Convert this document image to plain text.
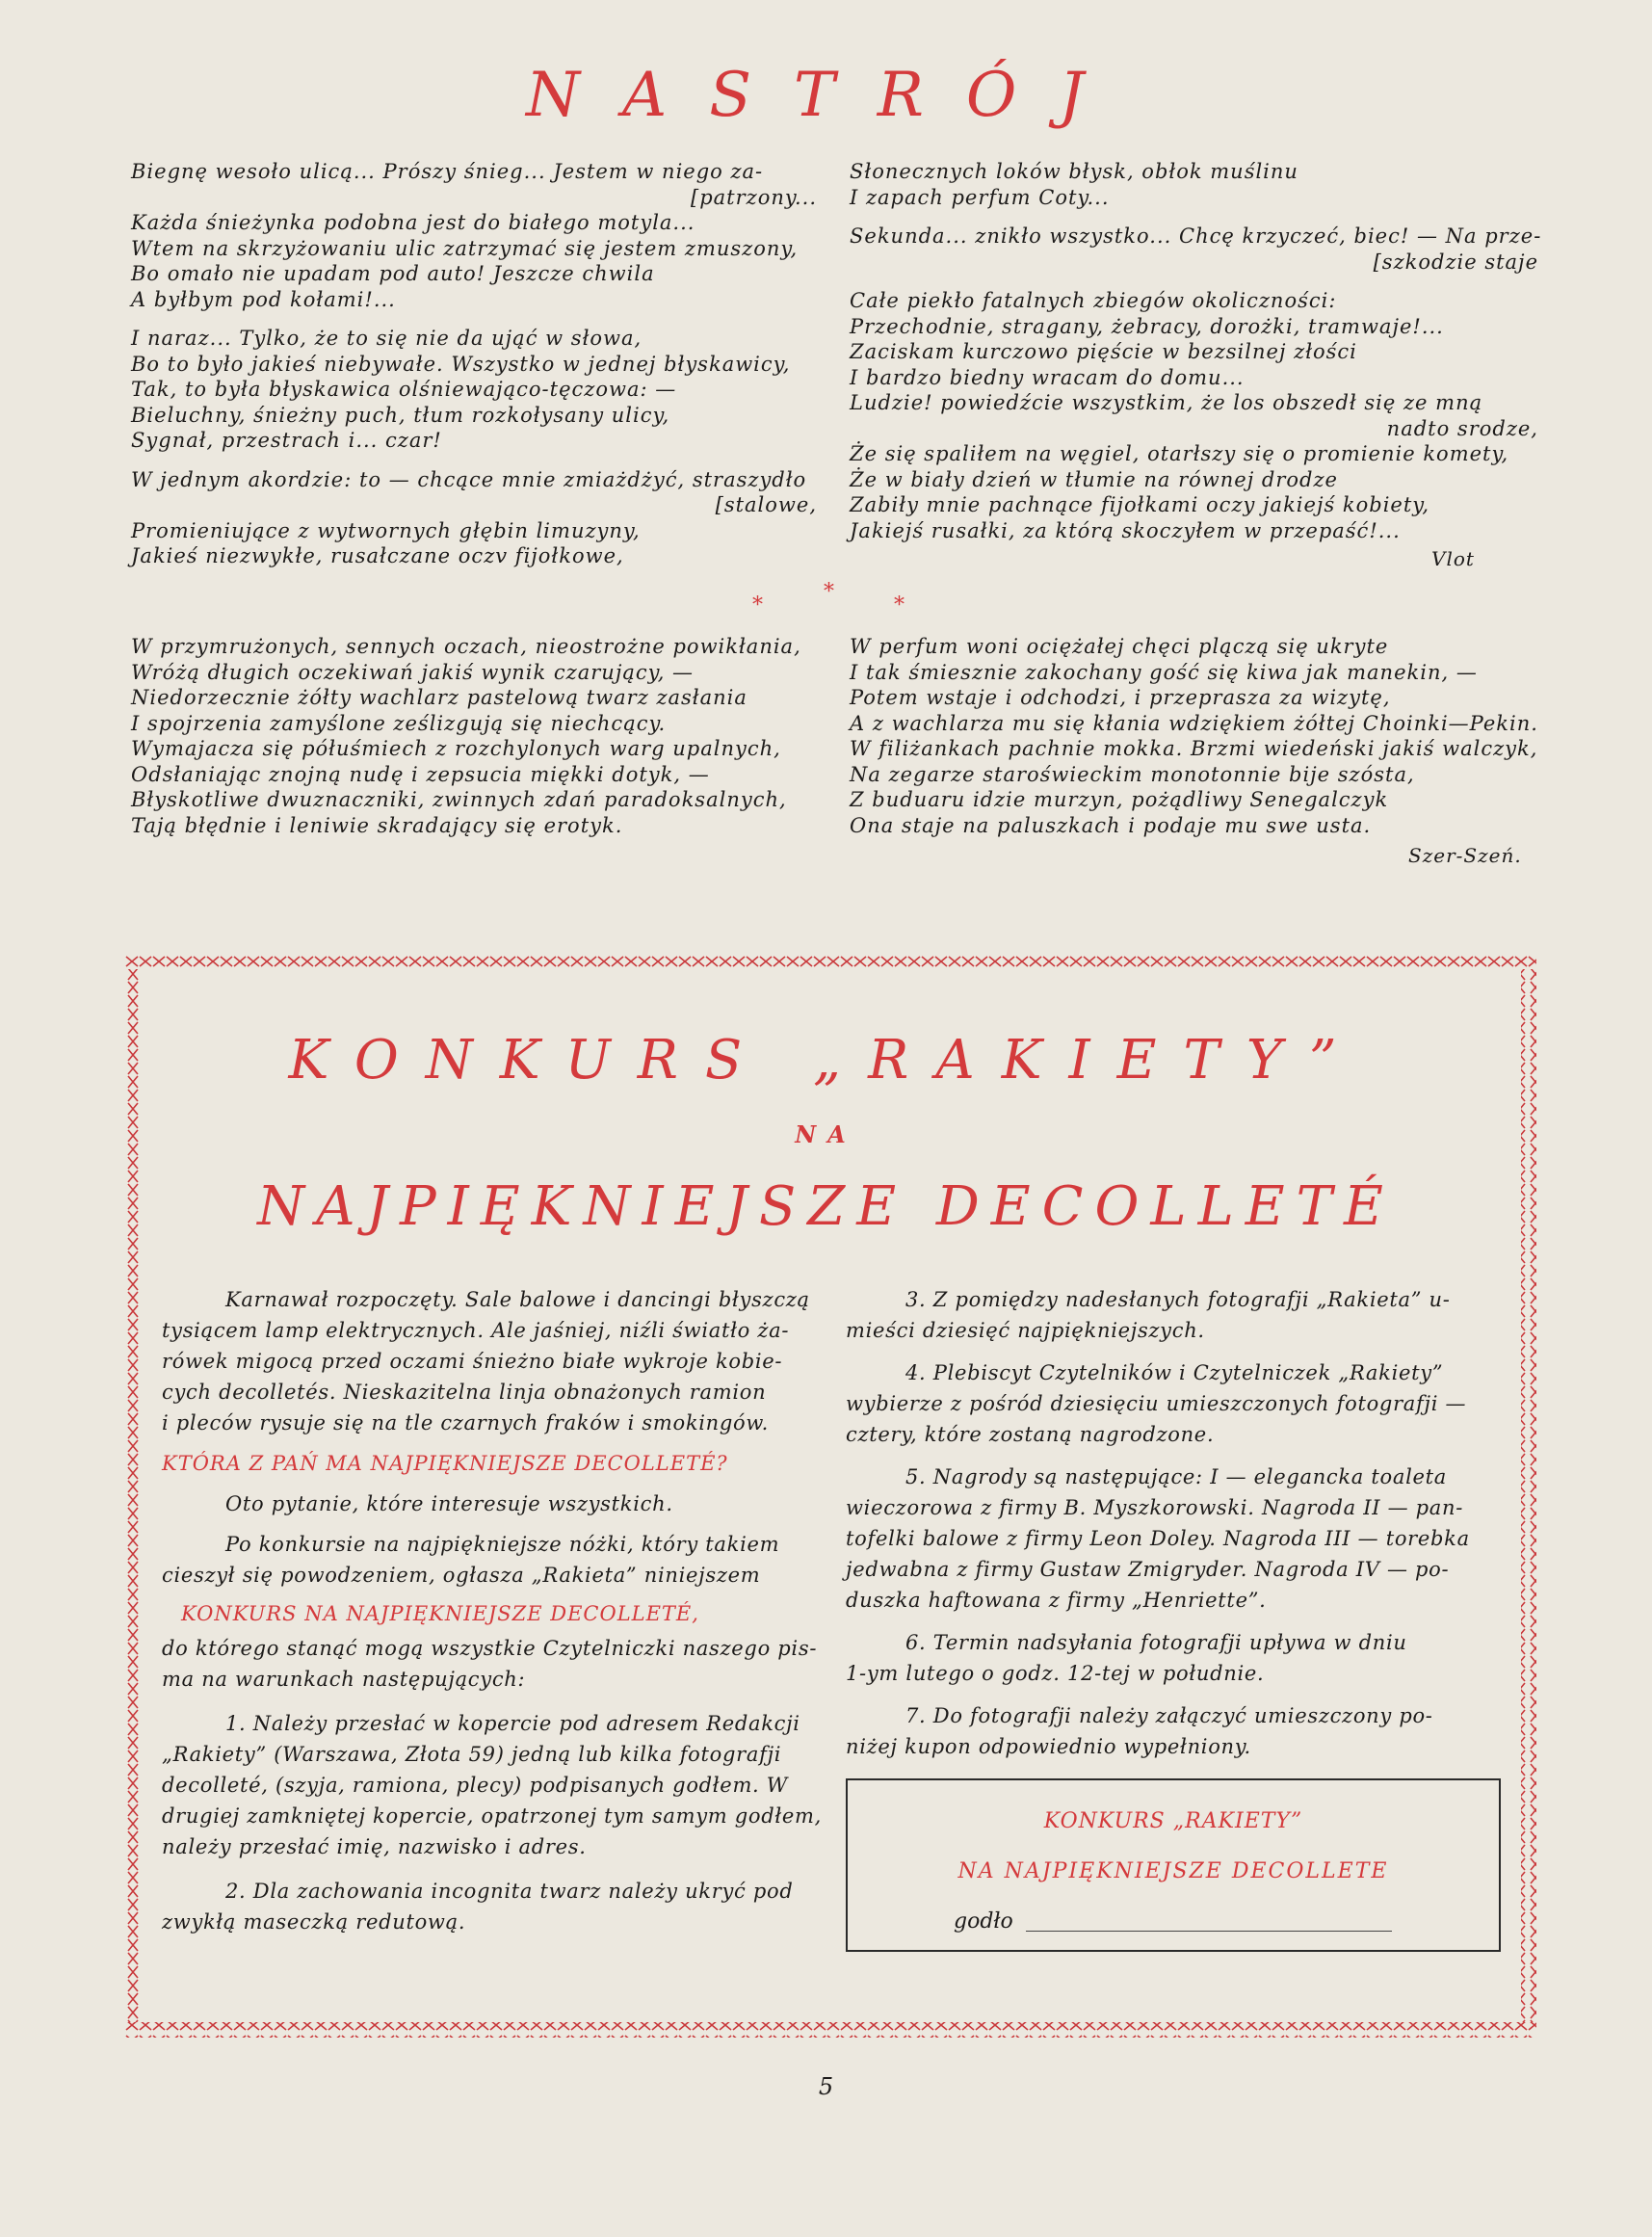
NASTRÓJ

Biegnę wesoło ulicą... Prószy śnieg... Jestem w niego za-
[patrzony...
Każda śnieżynka podobna jest do białego motyla...
Wtem na skrzyżowaniu ulic zatrzymać się jestem zmuszony,
Bo omało nie upadam pod auto! Jeszcze chwila
A byłbym pod kołami!...

I naraz... Tylko, że to się nie da ująć w słowa,
Bo to było jakieś niebywałe. Wszystko w jednej błyskawicy,
Tak, to była błyskawica olśniewająco-tęczowa: —
Bieluchny, śnieżny puch, tłum rozkołysany ulicy,
Sygnał, przestrach i... czar!

W jednym akordzie: to — chcące mnie zmiażdżyć, straszydło
[stalowe,
Promieniujące z wytwornych głębin limuzyny,
Jakieś niezwykłe, rusałczane oczv fijołkowe,

Słonecznych loków błysk, obłok muślinu
I zapach perfum Coty...

Sekunda... znikło wszystko... Chcę krzyczeć, biec! — Na prze-
[szkodzie staje

Całe piekło fatalnych zbiegów okoliczności:
Przechodnie, stragany, żebracy, dorożki, tramwaje!...
Zaciskam kurczowo pięście w bezsilnej złości
I bardzo biedny wracam do domu...
Ludzie! powiedźcie wszystkim, że los obszedł się ze mną
nadto srodze,
Że się spaliłem na węgiel, otarłszy się o promienie komety,
Że w biały dzień w tłumie na równej drodze
Zabiły mnie pachnące fijołkami oczy jakiejś kobiety,
Jakiejś rusałki, za którą skoczyłem w przepaść!...

Vlot
*
*
*
W przymrużonych, sennych oczach, nieostrożne powikłania,
Wróżą długich oczekiwań jakiś wynik czarujący, —
Niedorzecznie żółty wachlarz pastelową twarz zasłania
I spojrzenia zamyślone ześlizgują się niechcący.
Wymajacza się półuśmiech z rozchylonych warg upalnych,
Odsłaniając znojną nudę i zepsucia miękki dotyk, —
Błyskotliwe dwuznaczniki, zwinnych zdań paradoksalnych,
Tają błędnie i leniwie skradający się erotyk.
W perfum woni ociężałej chęci plączą się ukryte
I tak śmiesznie zakochany gość się kiwa jak manekin, —
Potem wstaje i odchodzi, i przeprasza za wizytę,
A z wachlarza mu się kłania wdziękiem żółtej Choinki—Pekin.
W filiżankach pachnie mokka. Brzmi wiedeński jakiś walczyk,
Na zegarze staroświeckim monotonnie bije szósta,
Z buduaru idzie murzyn, pożądliwy Senegalczyk
Ona staje na paluszkach i podaje mu swe usta.
Szer-Szeń.
KONKURS „RAKIETY”
NA
NAJPIĘKNIEJSZE DECOLLETÉ
Karnawał rozpoczęty. Sale balowe i dancingi błyszczą
tysiącem lamp elektrycznych. Ale jaśniej, niźli światło ża-
rówek migocą przed oczami śnieżno białe wykroje kobie-
cych decolletés. Nieskazitelna linja obnażonych ramion
i pleców rysuje się na tle czarnych fraków i smokingów.
KTÓRA Z PAŃ MA NAJPIĘKNIEJSZE DECOLLETÉ?
Oto pytanie, które interesuje wszystkich.
Po konkursie na najpiękniejsze nóżki, który takiem
cieszył się powodzeniem, ogłasza „Rakieta” niniejszem
KONKURS NA NAJPIĘKNIEJSZE DECOLLETÉ,
do którego stanąć mogą wszystkie Czytelniczki naszego pis-
ma na warunkach następujących:
1. Należy przesłać w kopercie pod adresem Redakcji
„Rakiety” (Warszawa, Złota 59) jedną lub kilka fotografji
decolleté, (szyja, ramiona, plecy) podpisanych godłem. W
drugiej zamkniętej kopercie, opatrzonej tym samym godłem,
należy przesłać imię, nazwisko i adres.
2. Dla zachowania incognita twarz należy ukryć pod
zwykłą maseczką redutową.
3. Z pomiędzy nadesłanych fotografji „Rakieta” u-
mieści dziesięć najpiękniejszych.
4. Plebiscyt Czytelników i Czytelniczek „Rakiety”
wybierze z pośród dziesięciu umieszczonych fotografji —
cztery, które zostaną nagrodzone.
5. Nagrody są następujące: I — elegancka toaleta
wieczorowa z firmy B. Myszkorowski. Nagroda II — pan-
tofelki balowe z firmy Leon Doley. Nagroda III — torebka
jedwabna z firmy Gustaw Zmigryder. Nagroda IV — po-
duszka haftowana z firmy „Henriette”.
6. Termin nadsyłania fotografji upływa w dniu
1-ym lutego o godz. 12-tej w południe.
7. Do fotografji należy załączyć umieszczony po-
niżej kupon odpowiednio wypełniony.
KONKURS „RAKIETY”
NA NAJPIĘKNIEJSZE DECOLLETE
godło
5
